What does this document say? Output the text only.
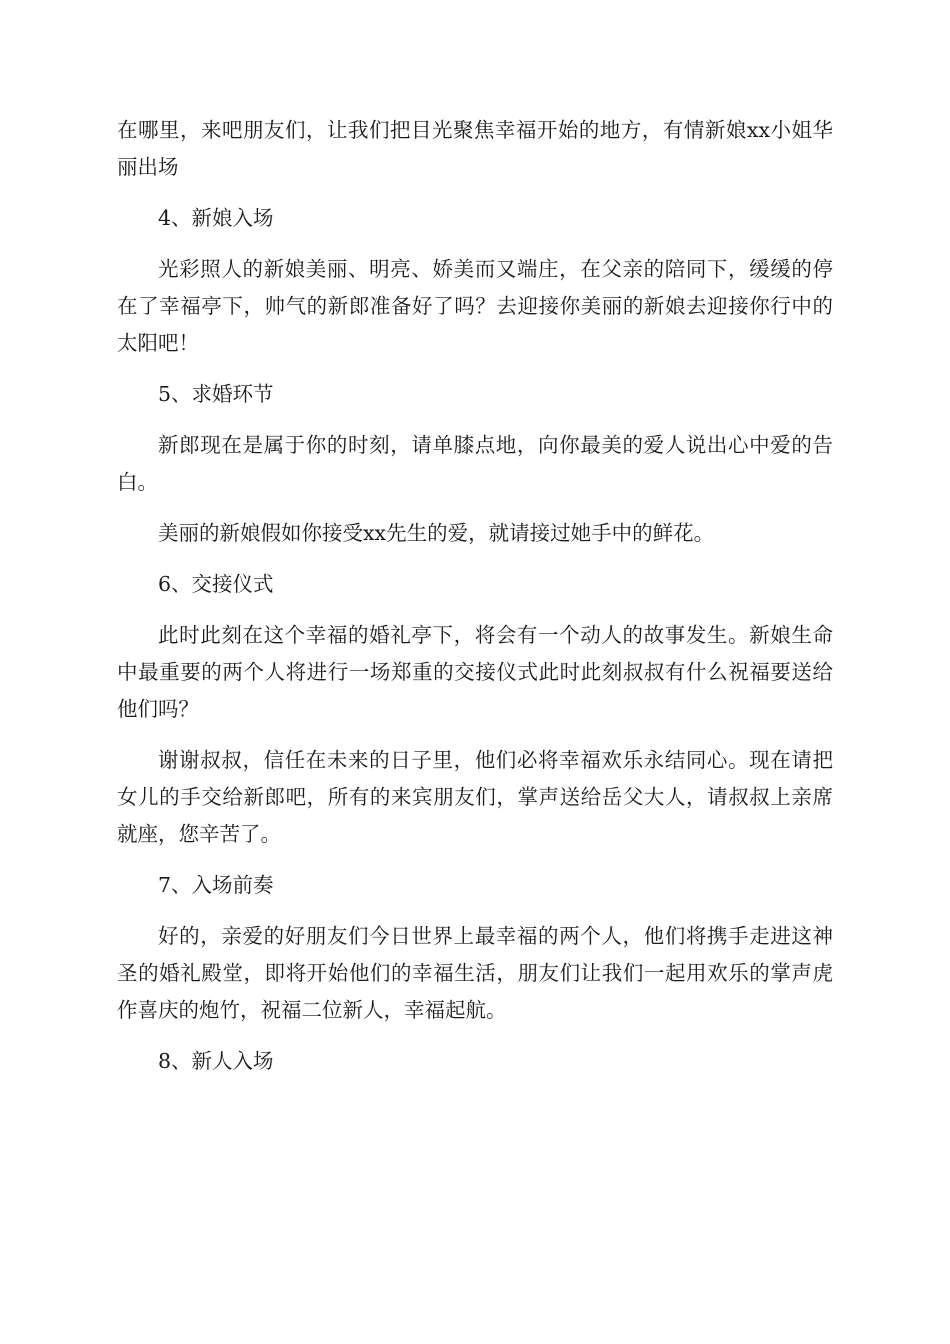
在哪里，来吧朋友们，让我们把目光聚焦幸福开始的地方，有情新娘xx小姐华丽出场

4、新娘入场

光彩照人的新娘美丽、明亮、娇美而又端庄，在父亲的陪同下，缓缓的停在了幸福亭下，帅气的新郎准备好了吗？去迎接你美丽的新娘去迎接你行中的太阳吧！

5、求婚环节

新郎现在是属于你的时刻，请单膝点地，向你最美的爱人说出心中爱的告白。

美丽的新娘假如你接受xx先生的爱，就请接过她手中的鲜花。

6、交接仪式

此时此刻在这个幸福的婚礼亭下，将会有一个动人的故事发生。新娘生命中最重要的两个人将进行一场郑重的交接仪式此时此刻叔叔有什么祝福要送给他们吗？

谢谢叔叔，信任在未来的日子里，他们必将幸福欢乐永结同心。现在请把女儿的手交给新郎吧，所有的来宾朋友们，掌声送给岳父大人，请叔叔上亲席就座，您辛苦了。

7、入场前奏

好的，亲爱的好朋友们今日世界上最幸福的两个人，他们将携手走进这神圣的婚礼殿堂，即将开始他们的幸福生活，朋友们让我们一起用欢乐的掌声虎作喜庆的炮竹，祝福二位新人，幸福起航。

8、新人入场
